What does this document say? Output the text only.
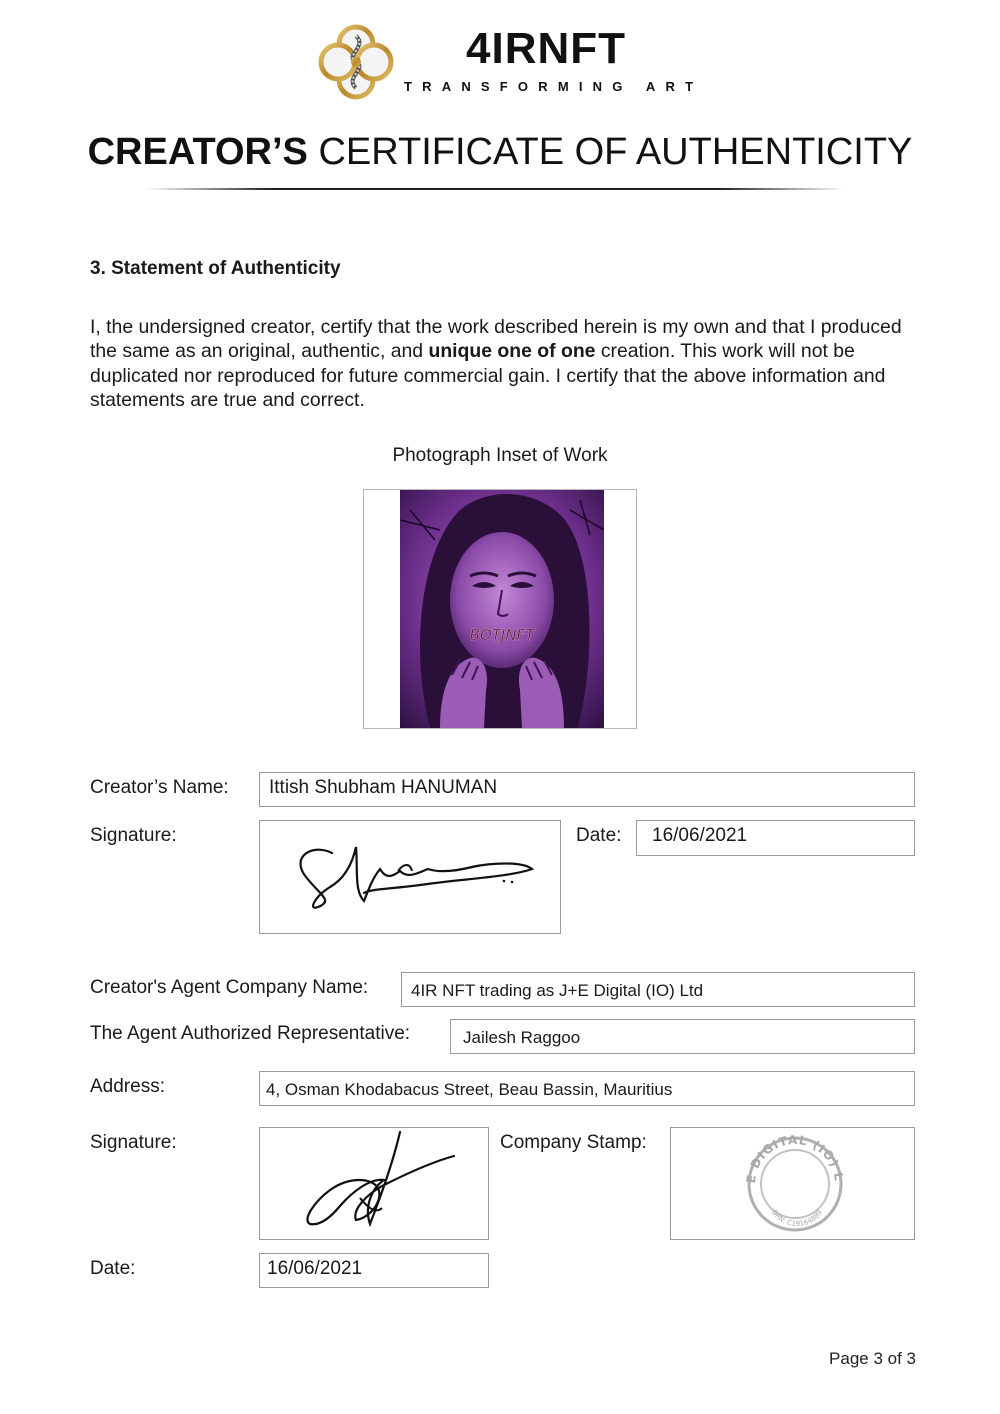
4IRNFT
TRANSFORMING ART
CREATOR’S CERTIFICATE OF AUTHENTICITY
3. Statement of Authenticity

I, the undersigned creator, certify that the work described herein is my own and that I produced the same as an original, authentic, and unique one of one creation. This work will not be duplicated nor reproduced for future commercial gain. I certify that the above information and statements are true and correct.

Photograph Inset of Work
BOTJNFT
Creator’s Name:	Ittish Shubham HANUMAN
Signature:	Date:	16/06/2021
Creator's Agent Company Name:	4IR NFT trading as J+E Digital (IO) Ltd
The Agent Authorized Representative:	Jailesh Raggoo
Address:	4, Osman Khodabacus Street, Beau Bassin, Mauritius
Signature:	Company Stamp:
E DIGITAL (IO) L
BRN: C19164889
Date:	16/06/2021
Page 3 of 3
